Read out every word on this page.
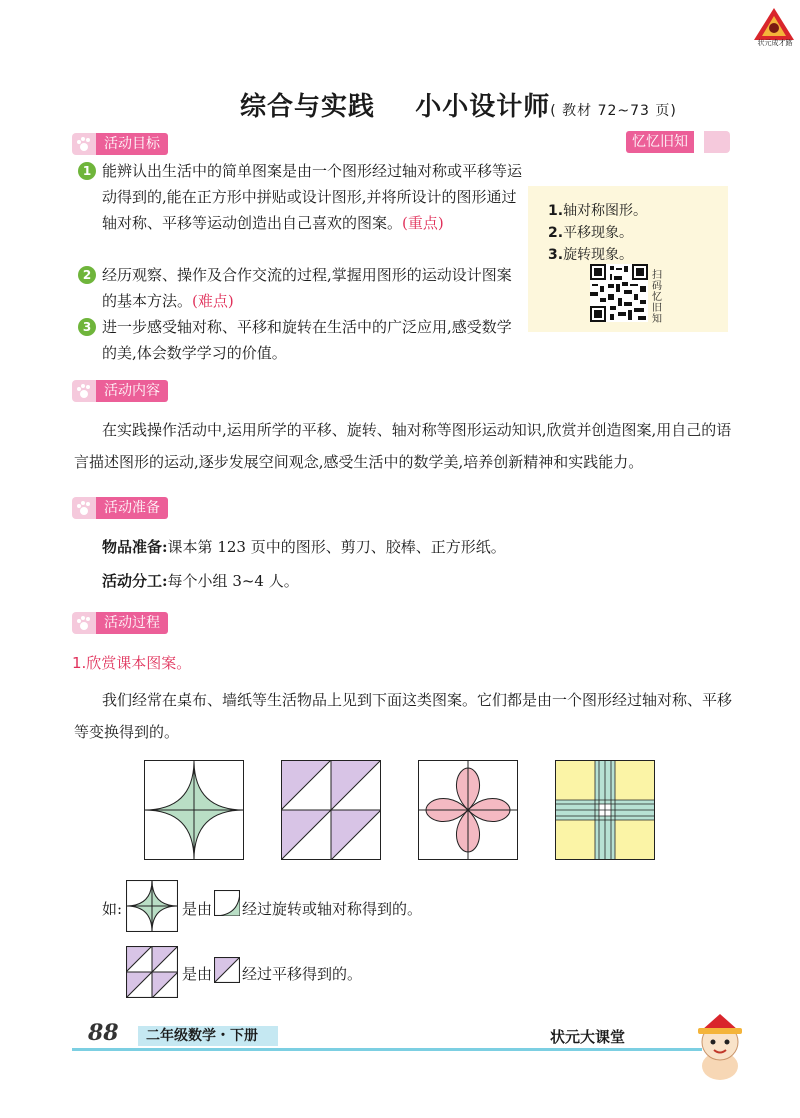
状元成才路
综合与实践    小小设计师( 教材 72~73 页)
活动目标
1 能辨认出生活中的简单图案是由一个图形经过轴对称或平移等运动得到的,能在正方形中拼贴或设计图形,并将所设计的图形通过轴对称、平移等运动创造出自己喜欢的图案。(重点)
2 经历观察、操作及合作交流的过程,掌握用图形的运动设计图案的基本方法。(难点)
3 进一步感受轴对称、平移和旋转在生活中的广泛应用,感受数学的美,体会数学学习的价值。
忆忆旧知
1.轴对称图形。
2.平移现象。
3.旋转现象。
扫码忆旧知
活动内容
在实践操作活动中,运用所学的平移、旋转、轴对称等图形运动知识,欣赏并创造图案,用自己的语言描述图形的运动,逐步发展空间观念,感受生活中的数学美,培养创新精神和实践能力。
活动准备
物品准备:课本第 123 页中的图形、剪刀、胶棒、正方形纸。
活动分工:每个小组 3~4 人。
活动过程
1.欣赏课本图案。
我们经常在桌布、墙纸等生活物品上见到下面这类图案。它们都是由一个图形经过轴对称、平移等变换得到的。
如:	是由 经过旋转或轴对称得到的。
是由 经过平移得到的。
88	二年级数学・下册	状元大课堂
